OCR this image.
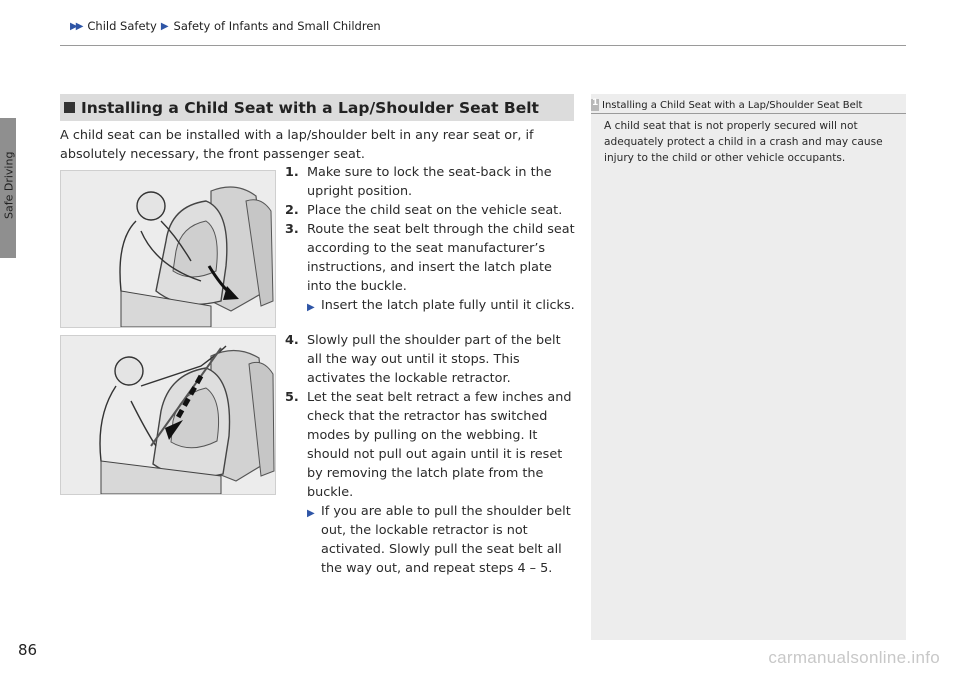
▶▶ Child Safety ▶ Safety of Infants and Small Children
Safe Driving
Installing a Child Seat with a Lap/Shoulder Seat Belt
A child seat can be installed with a lap/shoulder belt in any rear seat or, if absolutely necessary, the front passenger seat.
1. Make sure to lock the seat-back in the upright position.
2. Place the child seat on the vehicle seat.
3. Route the seat belt through the child seat according to the seat manufacturer’s instructions, and insert the latch plate into the buckle.
▶ Insert the latch plate fully until it clicks.
4. Slowly pull the shoulder part of the belt all the way out until it stops. This activates the lockable retractor.
5. Let the seat belt retract a few inches and check that the retractor has switched modes by pulling on the webbing. It should not pull out again until it is reset by removing the latch plate from the buckle.
▶ If you are able to pull the shoulder belt out, the lockable retractor is not activated. Slowly pull the seat belt all the way out, and repeat steps 4 – 5.
1
Installing a Child Seat with a Lap/Shoulder Seat Belt
A child seat that is not properly secured will not adequately protect a child in a crash and may cause injury to the child or other vehicle occupants.
86	carmanualsonline.info
